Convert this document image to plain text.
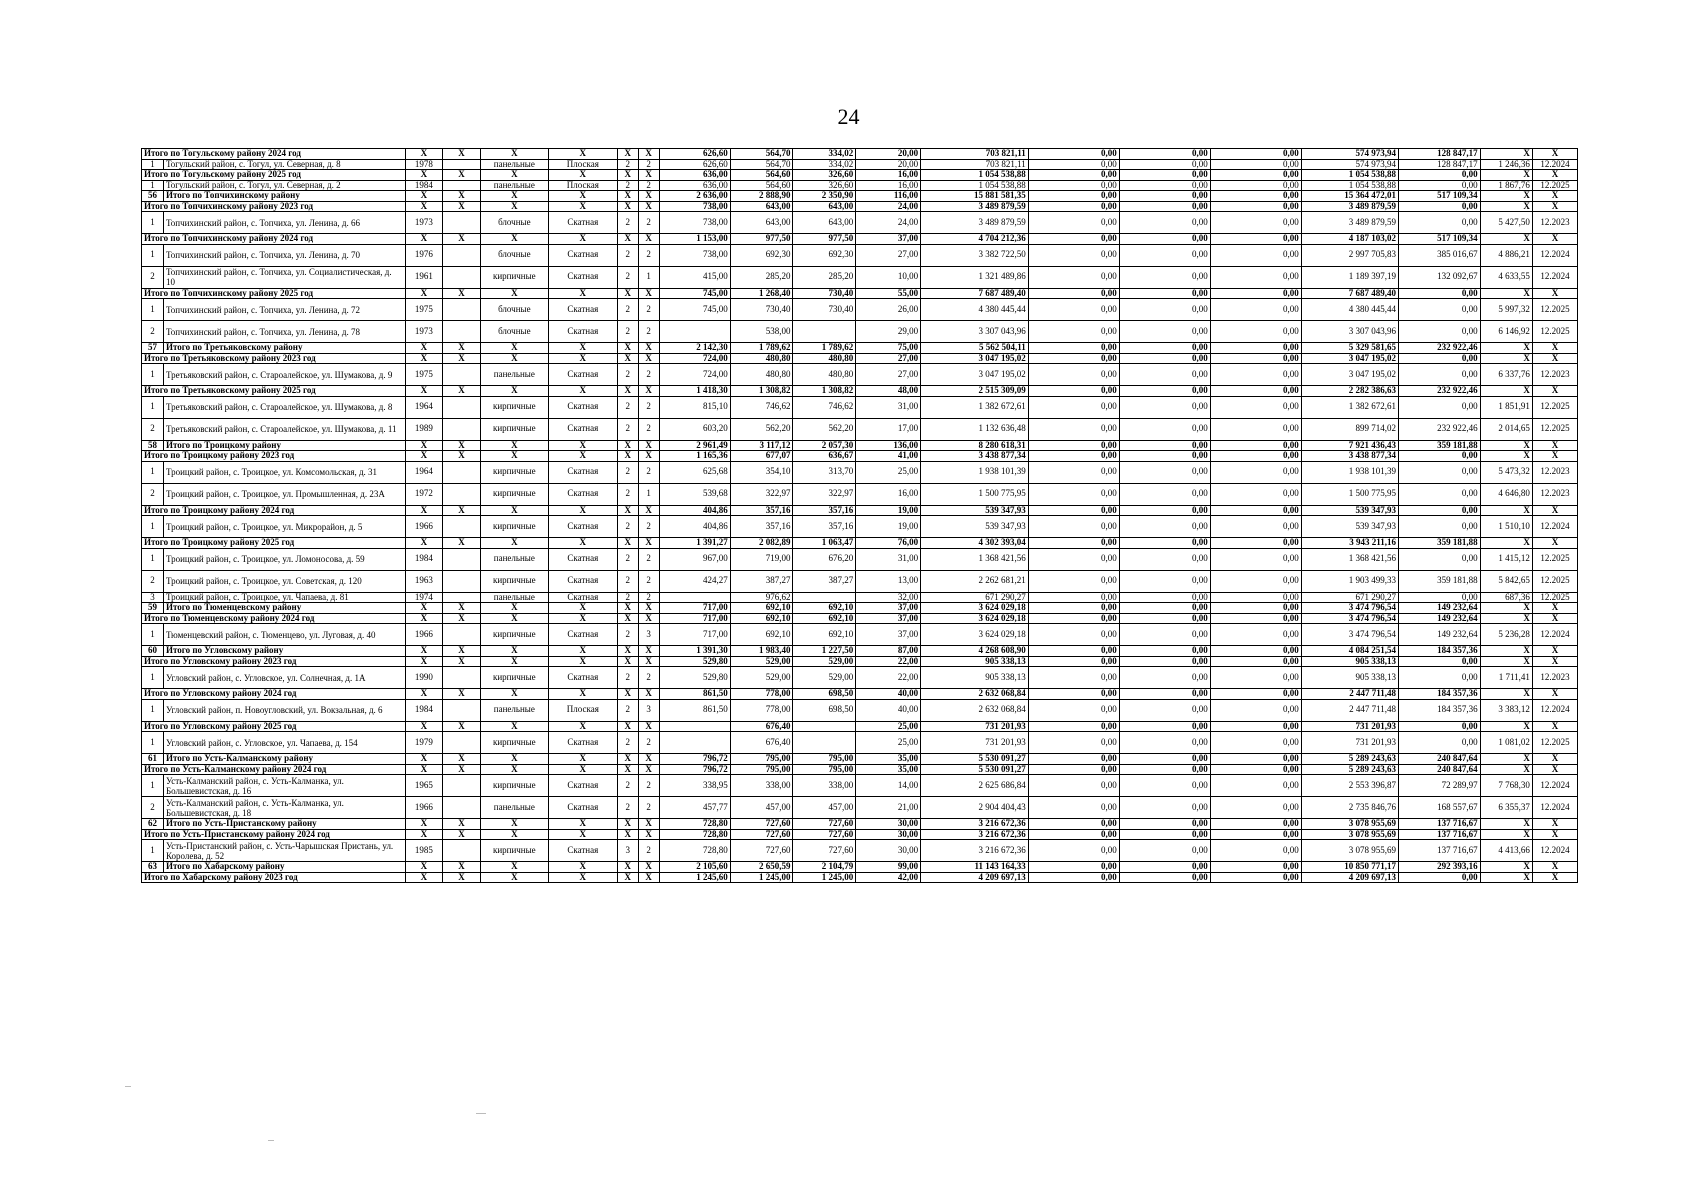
24
Итого по Тогульскому району 2024 год		X	X	X	X	X	X	626,60	564,70	334,02	20,00	703 821,11	0,00	0,00	0,00	574 973,94	128 847,17	X	X
1	Тогульский район, с. Тогул, ул. Северная, д. 8	1978		панельные	Плоская	2	2	626,60	564,70	334,02	20,00	703 821,11	0,00	0,00	0,00	574 973,94	128 847,17	1 246,36	12.2024
Итого по Тогульскому району 2025 год		X	X	X	X	X	X	636,00	564,60	326,60	16,00	1 054 538,88	0,00	0,00	0,00	1 054 538,88	0,00	X	X
1	Тогульский район, с. Тогул, ул. Северная, д. 2	1984		панельные	Плоская	2	2	636,00	564,60	326,60	16,00	1 054 538,88	0,00	0,00	0,00	1 054 538,88	0,00	1 867,76	12.2025
56	Итого по Топчихинскому району	X	X	X	X	X	X	2 636,00	2 888,90	2 350,90	116,00	15 881 581,35	0,00	0,00	0,00	15 364 472,01	517 109,34	X	X
Итого по Топчихинскому району 2023 год		X	X	X	X	X	X	738,00	643,00	643,00	24,00	3 489 879,59	0,00	0,00	0,00	3 489 879,59	0,00	X	X
1	Топчихинский район, с. Топчиха, ул. Ленина, д. 66	1973		блочные	Скатная	2	2	738,00	643,00	643,00	24,00	3 489 879,59	0,00	0,00	0,00	3 489 879,59	0,00	5 427,50	12.2023
Итого по Топчихинскому району 2024 год		X	X	X	X	X	X	1 153,00	977,50	977,50	37,00	4 704 212,36	0,00	0,00	0,00	4 187 103,02	517 109,34	X	X
1	Топчихинский район, с. Топчиха, ул. Ленина, д. 70	1976		блочные	Скатная	2	2	738,00	692,30	692,30	27,00	3 382 722,50	0,00	0,00	0,00	2 997 705,83	385 016,67	4 886,21	12.2024
2	Топчихинский район, с. Топчиха, ул. Социалистическая, д. 10	1961		кирпичные	Скатная	2	1	415,00	285,20	285,20	10,00	1 321 489,86	0,00	0,00	0,00	1 189 397,19	132 092,67	4 633,55	12.2024
Итого по Топчихинскому району 2025 год		X	X	X	X	X	X	745,00	1 268,40	730,40	55,00	7 687 489,40	0,00	0,00	0,00	7 687 489,40	0,00	X	X
1	Топчихинский район, с. Топчиха, ул. Ленина, д. 72	1975		блочные	Скатная	2	2	745,00	730,40	730,40	26,00	4 380 445,44	0,00	0,00	0,00	4 380 445,44	0,00	5 997,32	12.2025
2	Топчихинский район, с. Топчиха, ул. Ленина, д. 78	1973		блочные	Скатная	2	2		538,00		29,00	3 307 043,96	0,00	0,00	0,00	3 307 043,96	0,00	6 146,92	12.2025
57	Итого по Третьяковскому району	X	X	X	X	X	X	2 142,30	1 789,62	1 789,62	75,00	5 562 504,11	0,00	0,00	0,00	5 329 581,65	232 922,46	X	X
Итого по Третьяковскому району 2023 год		X	X	X	X	X	X	724,00	480,80	480,80	27,00	3 047 195,02	0,00	0,00	0,00	3 047 195,02	0,00	X	X
1	Третьяковский район, с. Староалейское, ул. Шумакова, д. 9	1975		панельные	Скатная	2	2	724,00	480,80	480,80	27,00	3 047 195,02	0,00	0,00	0,00	3 047 195,02	0,00	6 337,76	12.2023
Итого по Третьяковскому району 2025 год		X	X	X	X	X	X	1 418,30	1 308,82	1 308,82	48,00	2 515 309,09	0,00	0,00	0,00	2 282 386,63	232 922,46	X	X
1	Третьяковский район, с. Староалейское, ул. Шумакова, д. 8	1964		кирпичные	Скатная	2	2	815,10	746,62	746,62	31,00	1 382 672,61	0,00	0,00	0,00	1 382 672,61	0,00	1 851,91	12.2025
2	Третьяковский район, с. Староалейское, ул. Шумакова, д. 11	1989		кирпичные	Скатная	2	2	603,20	562,20	562,20	17,00	1 132 636,48	0,00	0,00	0,00	899 714,02	232 922,46	2 014,65	12.2025
58	Итого по Троицкому району	X	X	X	X	X	X	2 961,49	3 117,12	2 057,30	136,00	8 280 618,31	0,00	0,00	0,00	7 921 436,43	359 181,88	X	X
Итого по Троицкому району 2023 год		X	X	X	X	X	X	1 165,36	677,07	636,67	41,00	3 438 877,34	0,00	0,00	0,00	3 438 877,34	0,00	X	X
1	Троицкий район, с. Троицкое, ул. Комсомольская, д. 31	1964		кирпичные	Скатная	2	2	625,68	354,10	313,70	25,00	1 938 101,39	0,00	0,00	0,00	1 938 101,39	0,00	5 473,32	12.2023
2	Троицкий район, с. Троицкое, ул. Промышленная, д. 23А	1972		кирпичные	Скатная	2	1	539,68	322,97	322,97	16,00	1 500 775,95	0,00	0,00	0,00	1 500 775,95	0,00	4 646,80	12.2023
Итого по Троицкому району 2024 год		X	X	X	X	X	X	404,86	357,16	357,16	19,00	539 347,93	0,00	0,00	0,00	539 347,93	0,00	X	X
1	Троицкий район, с. Троицкое, ул. Микрорайон, д. 5	1966		кирпичные	Скатная	2	2	404,86	357,16	357,16	19,00	539 347,93	0,00	0,00	0,00	539 347,93	0,00	1 510,10	12.2024
Итого по Троицкому району 2025 год		X	X	X	X	X	X	1 391,27	2 082,89	1 063,47	76,00	4 302 393,04	0,00	0,00	0,00	3 943 211,16	359 181,88	X	X
1	Троицкий район, с. Троицкое, ул. Ломоносова, д. 59	1984		панельные	Скатная	2	2	967,00	719,00	676,20	31,00	1 368 421,56	0,00	0,00	0,00	1 368 421,56	0,00	1 415,12	12.2025
2	Троицкий район, с. Троицкое, ул. Советская, д. 120	1963		кирпичные	Скатная	2	2	424,27	387,27	387,27	13,00	2 262 681,21	0,00	0,00	0,00	1 903 499,33	359 181,88	5 842,65	12.2025
3	Троицкий район, с. Троицкое, ул. Чапаева, д. 81	1974		панельные	Скатная	2	2		976,62		32,00	671 290,27	0,00	0,00	0,00	671 290,27	0,00	687,36	12.2025
59	Итого по Тюменцевскому району	X	X	X	X	X	X	717,00	692,10	692,10	37,00	3 624 029,18	0,00	0,00	0,00	3 474 796,54	149 232,64	X	X
Итого по Тюменцевскому району 2024 год		X	X	X	X	X	X	717,00	692,10	692,10	37,00	3 624 029,18	0,00	0,00	0,00	3 474 796,54	149 232,64	X	X
1	Тюменцевский район, с. Тюменцево, ул. Луговая, д. 40	1966		кирпичные	Скатная	2	3	717,00	692,10	692,10	37,00	3 624 029,18	0,00	0,00	0,00	3 474 796,54	149 232,64	5 236,28	12.2024
60	Итого по Угловскому району	X	X	X	X	X	X	1 391,30	1 983,40	1 227,50	87,00	4 268 608,90	0,00	0,00	0,00	4 084 251,54	184 357,36	X	X
Итого по Угловскому району 2023 год		X	X	X	X	X	X	529,80	529,00	529,00	22,00	905 338,13	0,00	0,00	0,00	905 338,13	0,00	X	X
1	Угловский район, с. Угловское, ул. Солнечная, д. 1А	1990		кирпичные	Скатная	2	2	529,80	529,00	529,00	22,00	905 338,13	0,00	0,00	0,00	905 338,13	0,00	1 711,41	12.2023
Итого по Угловскому району 2024 год		X	X	X	X	X	X	861,50	778,00	698,50	40,00	2 632 068,84	0,00	0,00	0,00	2 447 711,48	184 357,36	X	X
1	Угловский район, п. Новоугловский, ул. Вокзальная, д. 6	1984		панельные	Плоская	2	3	861,50	778,00	698,50	40,00	2 632 068,84	0,00	0,00	0,00	2 447 711,48	184 357,36	3 383,12	12.2024
Итого по Угловскому району 2025 год		X	X	X	X	X	X		676,40		25,00	731 201,93	0,00	0,00	0,00	731 201,93	0,00	X	X
1	Угловский район, с. Угловское, ул. Чапаева, д. 154	1979		кирпичные	Скатная	2	2		676,40		25,00	731 201,93	0,00	0,00	0,00	731 201,93	0,00	1 081,02	12.2025
61	Итого по Усть-Калманскому району	X	X	X	X	X	X	796,72	795,00	795,00	35,00	5 530 091,27	0,00	0,00	0,00	5 289 243,63	240 847,64	X	X
Итого по Усть-Калманскому району 2024 год		X	X	X	X	X	X	796,72	795,00	795,00	35,00	5 530 091,27	0,00	0,00	0,00	5 289 243,63	240 847,64	X	X
1	Усть-Калманский район, с. Усть-Калманка, ул. Большевистская, д. 16	1965		кирпичные	Скатная	2	2	338,95	338,00	338,00	14,00	2 625 686,84	0,00	0,00	0,00	2 553 396,87	72 289,97	7 768,30	12.2024
2	Усть-Калманский район, с. Усть-Калманка, ул. Большевистская, д. 18	1966		панельные	Скатная	2	2	457,77	457,00	457,00	21,00	2 904 404,43	0,00	0,00	0,00	2 735 846,76	168 557,67	6 355,37	12.2024
62	Итого по Усть-Пристанскому району	X	X	X	X	X	X	728,80	727,60	727,60	30,00	3 216 672,36	0,00	0,00	0,00	3 078 955,69	137 716,67	X	X
Итого по Усть-Пристанскому району 2024 год		X	X	X	X	X	X	728,80	727,60	727,60	30,00	3 216 672,36	0,00	0,00	0,00	3 078 955,69	137 716,67	X	X
1	Усть-Пристанский район, с. Усть-Чарышская Пристань, ул. Королева, д. 52	1985		кирпичные	Скатная	3	2	728,80	727,60	727,60	30,00	3 216 672,36	0,00	0,00	0,00	3 078 955,69	137 716,67	4 413,66	12.2024
63	Итого по Хабарскому району	X	X	X	X	X	X	2 105,60	2 650,59	2 104,79	99,00	11 143 164,33	0,00	0,00	0,00	10 850 771,17	292 393,16	X	X
Итого по Хабарскому району 2023 год		X	X	X	X	X	X	1 245,60	1 245,00	1 245,00	42,00	4 209 697,13	0,00	0,00	0,00	4 209 697,13	0,00	X	X
